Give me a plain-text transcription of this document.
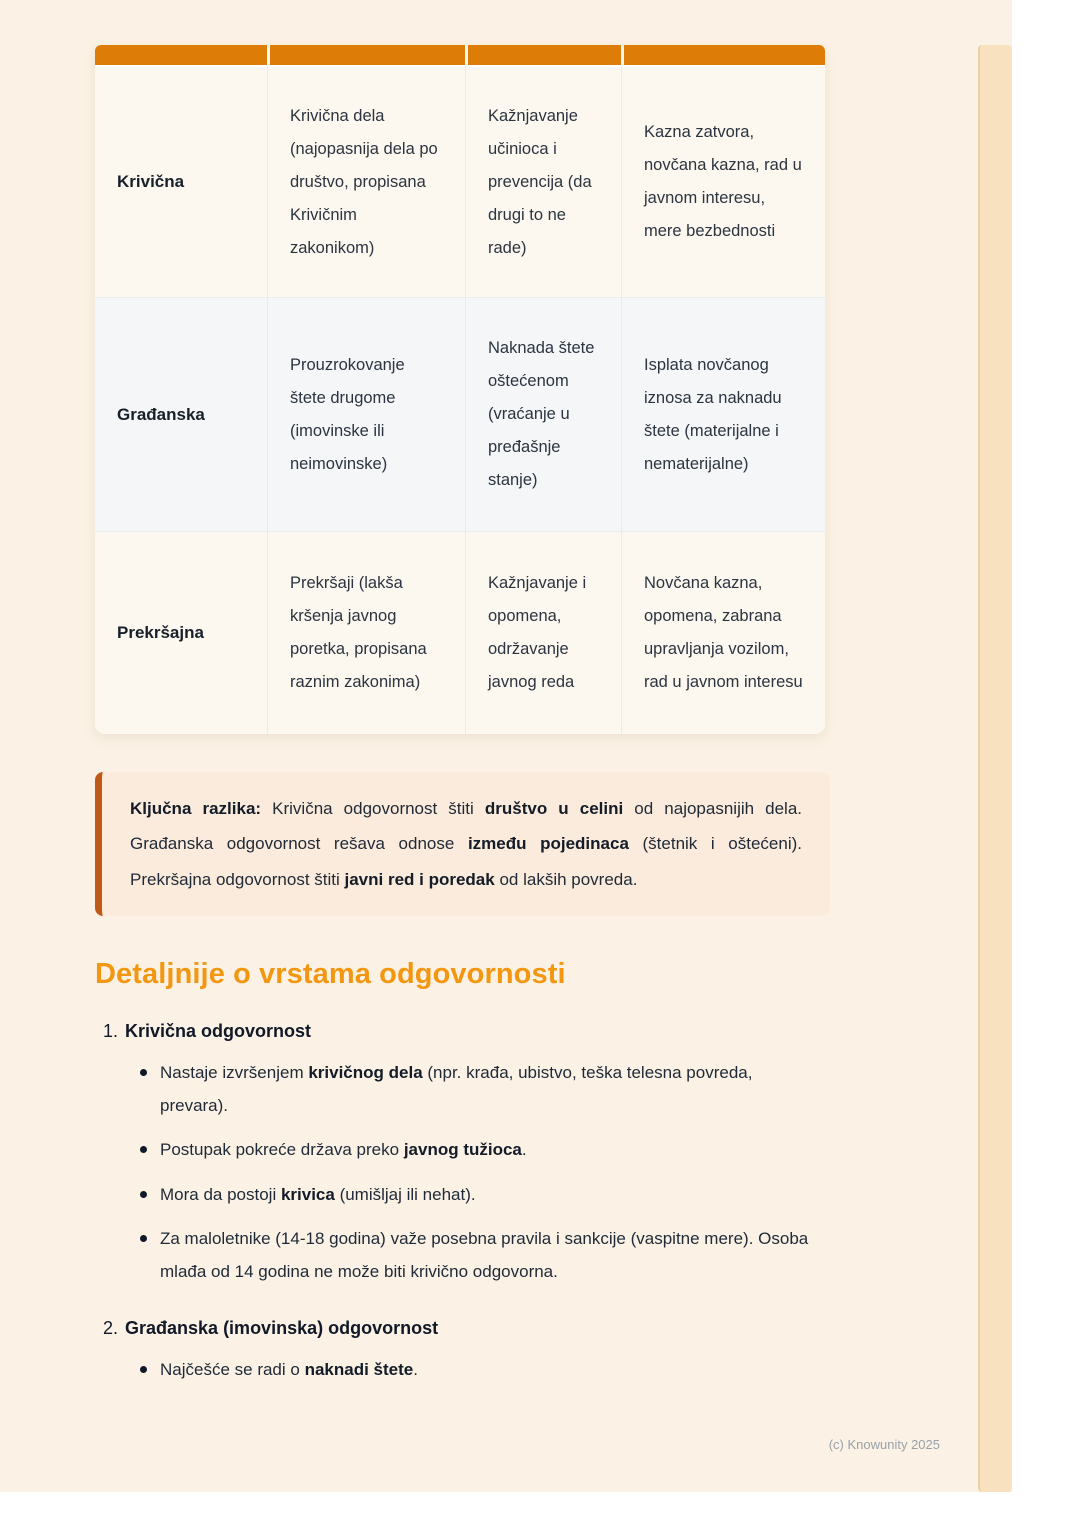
Krivična
Krivična dela (najopasnija dela po društvo, propisana Krivičnim zakonikom)
Kažnjavanje učinioca i prevencija (da drugi to ne rade)
Kazna zatvora, novčana kazna, rad u javnom interesu, mere bezbednosti
Građanska
Prouzrokovanje štete drugome (imovinske ili neimovinske)
Naknada štete oštećenom (vraćanje u pređašnje stanje)
Isplata novčanog iznosa za naknadu štete (materijalne i nematerijalne)
Prekršajna
Prekršaji (lakša kršenja javnog poretka, propisana raznim zakonima)
Kažnjavanje i opomena, održavanje javnog reda
Novčana kazna, opomena, zabrana upravljanja vozilom, rad u javnom interesu
Ključna razlika: Krivična odgovornost štiti društvo u celini od najopasnijih dela. Građanska odgovornost rešava odnose između pojedinaca (štetnik i oštećeni). Prekršajna odgovornost štiti javni red i poredak od lakših povreda.
Detaljnije o vrstama odgovornosti
1. Krivična odgovornost
Nastaje izvršenjem krivičnog dela (npr. krađa, ubistvo, teška telesna povreda, prevara).
Postupak pokreće država preko javnog tužioca.
Mora da postoji krivica (umišljaj ili nehat).
Za maloletnike (14-18 godina) važe posebna pravila i sankcije (vaspitne mere). Osoba mlađa od 14 godina ne može biti krivično odgovorna.
2. Građanska (imovinska) odgovornost
Najčešće se radi o naknadi štete.
(c) Knowunity 2025
